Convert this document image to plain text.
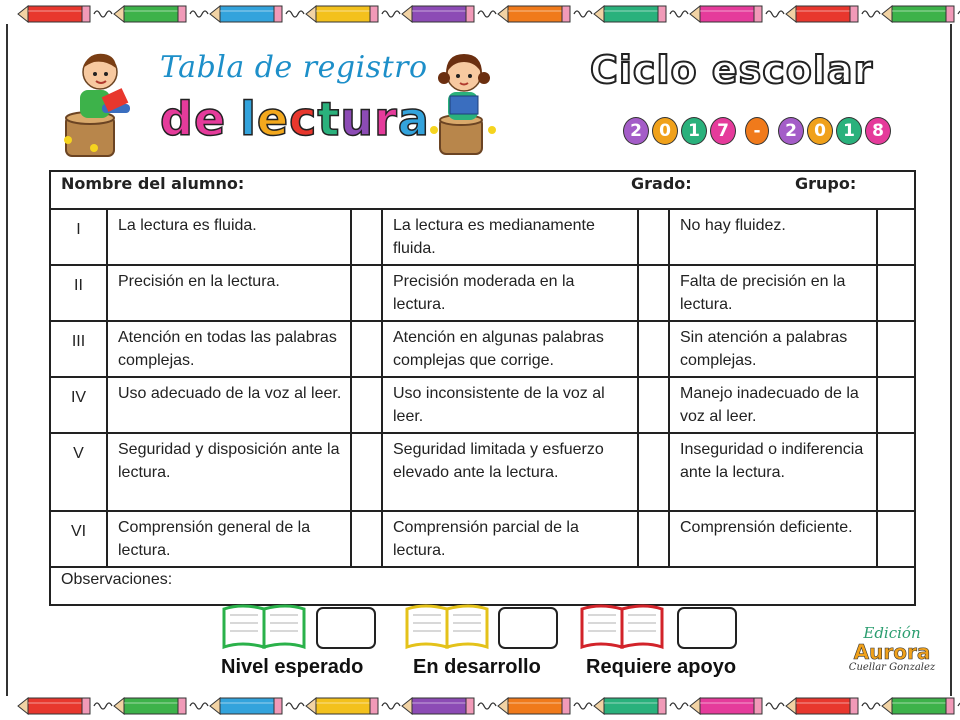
Tabla de registro
de lectura
Ciclo escolar
2	0	1	7	-	2	0	1	8
Nombre del alumno: Grado: Grupo:						

I	La lectura es fluida.		La lectura es medianamente fluida.		No hay fluidez.	
II	Precisión en la lectura.		Precisión moderada en la lectura.		Falta de precisión en la lectura.	
III	Atención en todas las palabras complejas.		Atención en algunas palabras complejas que corrige.		Sin atención a palabras complejas.	
IV	Uso adecuado de la voz al leer.		Uso inconsistente de la voz al leer.		Manejo inadecuado de la voz al leer.	
V	Seguridad y disposición ante la lectura.		Seguridad limitada y esfuerzo elevado ante la lectura.		Inseguridad o indiferencia ante la lectura.	
VI	Comprensión general de la lectura.		Comprensión parcial de la lectura.		Comprensión deficiente.	
Observaciones:						
Nivel esperado En desarrollo Requiere apoyo
Edición
Aurora
Cuellar Gonzalez
